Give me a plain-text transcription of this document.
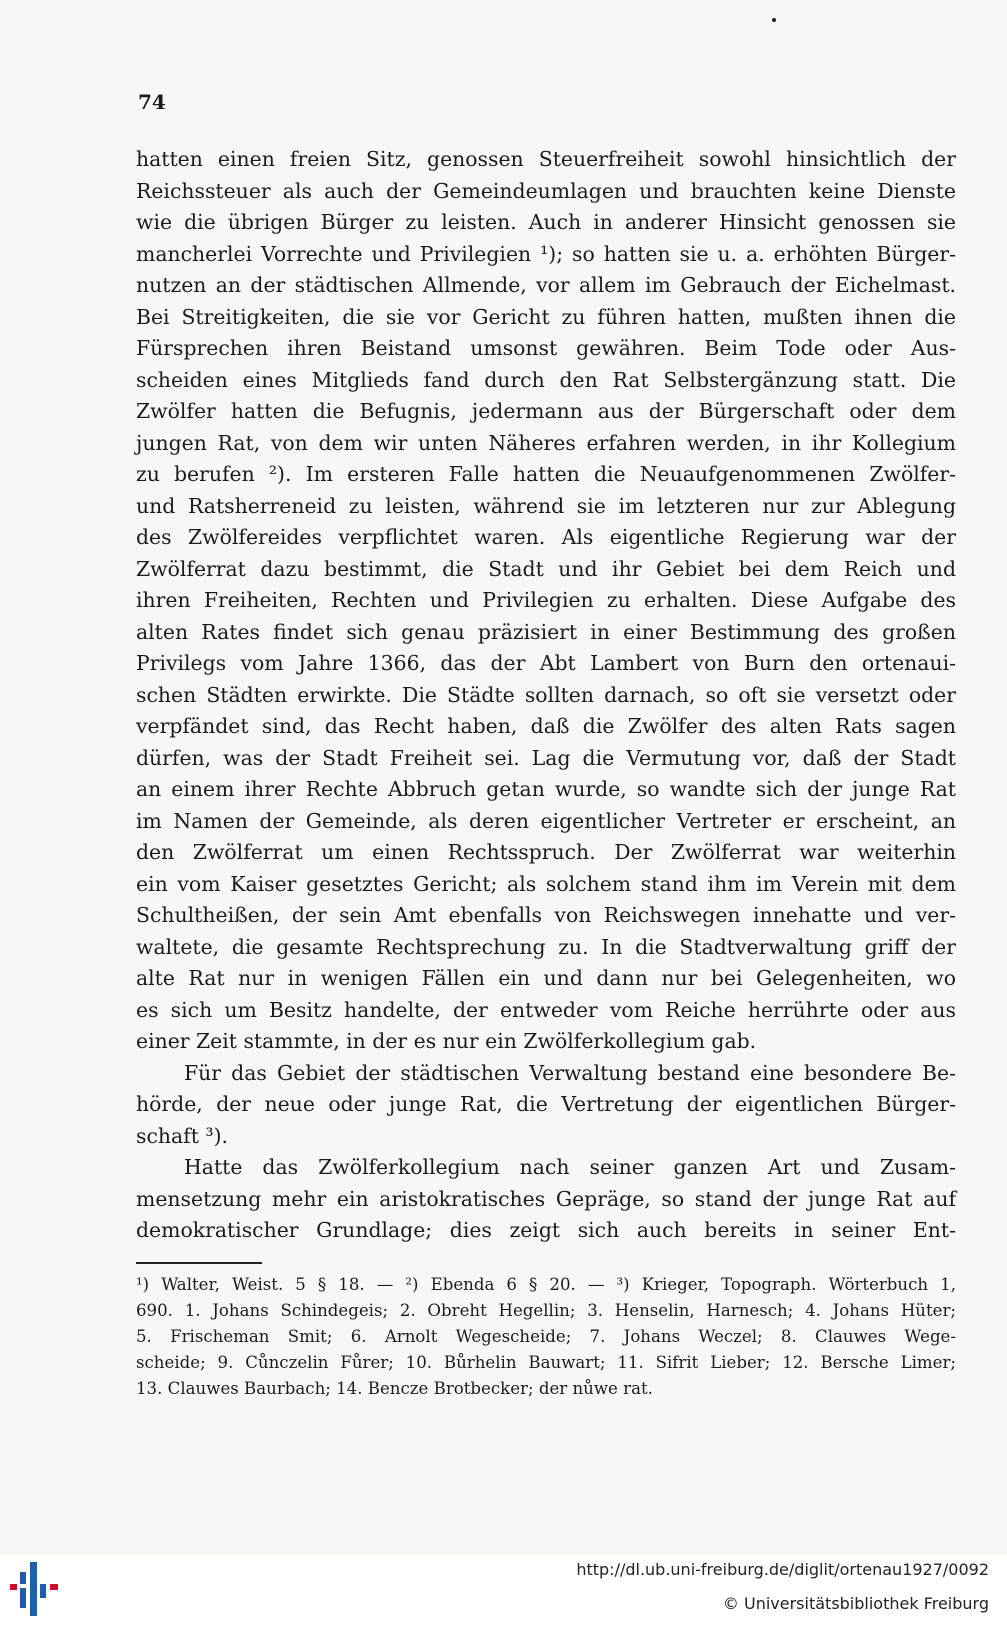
74

hatten einen freien Sitz, genossen Steuerfreiheit sowohl hinsichtlich der
Reichssteuer als auch der Gemeindeumlagen und brauchten keine Dienste
wie die übrigen Bürger zu leisten. Auch in anderer Hinsicht genossen sie
mancherlei Vorrechte und Privilegien ¹); so hatten sie u. a. erhöhten Bürger-
nutzen an der städtischen Allmende, vor allem im Gebrauch der Eichelmast.
Bei Streitigkeiten, die sie vor Gericht zu führen hatten, mußten ihnen die
Fürsprechen ihren Beistand umsonst gewähren. Beim Tode oder Aus-
scheiden eines Mitglieds fand durch den Rat Selbstergänzung statt. Die
Zwölfer hatten die Befugnis, jedermann aus der Bürgerschaft oder dem
jungen Rat, von dem wir unten Näheres erfahren werden, in ihr Kollegium
zu berufen ²). Im ersteren Falle hatten die Neuaufgenommenen Zwölfer-
und Ratsherreneid zu leisten, während sie im letzteren nur zur Ablegung
des Zwölfereides verpflichtet waren. Als eigentliche Regierung war der
Zwölferrat dazu bestimmt, die Stadt und ihr Gebiet bei dem Reich und
ihren Freiheiten, Rechten und Privilegien zu erhalten. Diese Aufgabe des
alten Rates findet sich genau präzisiert in einer Bestimmung des großen
Privilegs vom Jahre 1366, das der Abt Lambert von Burn den ortenaui-
schen Städten erwirkte. Die Städte sollten darnach, so oft sie versetzt oder
verpfändet sind, das Recht haben, daß die Zwölfer des alten Rats sagen
dürfen, was der Stadt Freiheit sei. Lag die Vermutung vor, daß der Stadt
an einem ihrer Rechte Abbruch getan wurde, so wandte sich der junge Rat
im Namen der Gemeinde, als deren eigentlicher Vertreter er erscheint, an
den Zwölferrat um einen Rechtsspruch. Der Zwölferrat war weiterhin
ein vom Kaiser gesetztes Gericht; als solchem stand ihm im Verein mit dem
Schultheißen, der sein Amt ebenfalls von Reichswegen innehatte und ver-
waltete, die gesamte Rechtsprechung zu. In die Stadtverwaltung griff der
alte Rat nur in wenigen Fällen ein und dann nur bei Gelegenheiten, wo
es sich um Besitz handelte, der entweder vom Reiche herrührte oder aus
einer Zeit stammte, in der es nur ein Zwölferkollegium gab.

Für das Gebiet der städtischen Verwaltung bestand eine besondere Be-
hörde, der neue oder junge Rat, die Vertretung der eigentlichen Bürger-
schaft ³).

Hatte das Zwölferkollegium nach seiner ganzen Art und Zusam-
mensetzung mehr ein aristokratisches Gepräge, so stand der junge Rat auf
demokratischer Grundlage; dies zeigt sich auch bereits in seiner Ent-

¹) Walter, Weist. 5 § 18. — ²) Ebenda 6 § 20. — ³) Krieger, Topograph. Wörterbuch 1,
690. 1. Johans Schindegeis; 2. Obreht Hegellin; 3. Henselin, Harnesch; 4. Johans Hüter;
5. Frischeman Smit; 6. Arnolt Wegescheide; 7. Johans Weczel; 8. Clauwes Wege-
scheide; 9. Cůnczelin Fůrer; 10. Bůrhelin Bauwart; 11. Sifrit Lieber; 12. Bersche Limer;
13. Clauwes Baurbach; 14. Bencze Brotbecker; der nůwe rat.
http://dl.ub.uni-freiburg.de/diglit/ortenau1927/0092
© Universitätsbibliothek Freiburg
